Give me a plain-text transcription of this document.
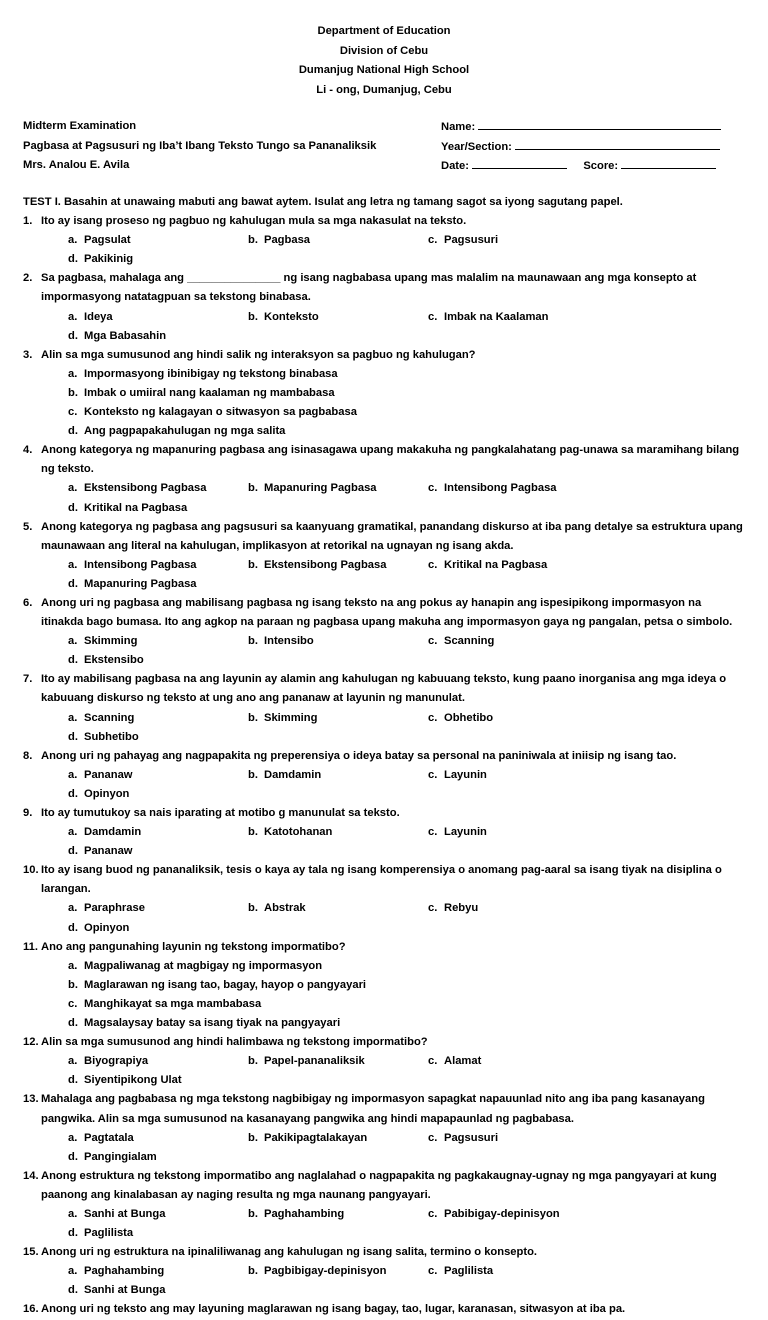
Department of Education
Division of Cebu
Dumanjug National High School
Li - ong, Dumanjug, Cebu
Midterm Examination	Name:
Pagbasa at Pagsusuri ng Iba’t Ibang Teksto Tungo sa Pananaliksik	Year/Section:
Mrs. Analou E. Avila	Date:	Score:
TEST I. Basahin at unawaing mabuti ang bawat aytem. Isulat ang letra ng tamang sagot sa iyong sagutang papel.
1. Ito ay isang proseso ng pagbuo ng kahulugan mula sa mga nakasulat na teksto.
a. Pagsulat	b. Pagbasa	c. Pagsusuri
d. Pakikinig
2. Sa pagbasa, mahalaga ang _______________ ng isang nagbabasa upang mas malalim na maunawaan ang mga konsepto at impormasyong natatagpuan sa tekstong binabasa.
a. Ideya	b. Konteksto	c. Imbak na Kaalaman
d. Mga Babasahin
3. Alin sa mga sumusunod ang hindi salik ng interaksyon sa pagbuo ng kahulugan?
a. Impormasyong ibinibigay ng tekstong binabasa
b. Imbak o umiiral nang kaalaman ng mambabasa
c. Konteksto ng kalagayan o sitwasyon sa pagbabasa
d. Ang pagpapakahulugan ng mga salita
4. Anong kategorya ng mapanuring pagbasa ang isinasagawa upang makakuha ng pangkalahatang pag-unawa sa maramihang bilang ng teksto.
a. Ekstensibong Pagbasa	b. Mapanuring Pagbasa	c. Intensibong Pagbasa
d. Kritikal na Pagbasa
5. Anong kategorya ng pagbasa ang pagsusuri sa kaanyuang gramatikal, panandang diskurso at iba pang detalye sa estruktura upang maunawaan ang literal na kahulugan, implikasyon at retorikal na ugnayan ng isang akda.
a. Intensibong Pagbasa	b. Ekstensibong Pagbasa	c. Kritikal na Pagbasa
d. Mapanuring Pagbasa
6. Anong uri ng pagbasa ang mabilisang pagbasa ng isang teksto na ang pokus ay hanapin ang ispesipikong impormasyon na itinakda bago bumasa. Ito ang agkop na paraan ng pagbasa upang makuha ang impormasyon gaya ng pangalan, petsa o simbolo.
a. Skimming	b. Intensibo	c. Scanning
d. Ekstensibo
7. Ito ay mabilisang pagbasa na ang layunin ay alamin ang kahulugan ng kabuuang teksto, kung paano inorganisa ang mga ideya o kabuuang diskurso ng teksto at ung ano ang pananaw at layunin ng manunulat.
a. Scanning	b. Skimming	c. Obhetibo
d. Subhetibo
8. Anong uri ng pahayag ang nagpapakita ng preperensiya o ideya batay sa personal na paniniwala at iniisip ng isang tao.
a. Pananaw	b. Damdamin	c. Layunin
d. Opinyon
9. Ito ay tumutukoy sa nais iparating at motibo g manunulat sa teksto.
a. Damdamin	b. Katotohanan	c. Layunin
d. Pananaw
10. Ito ay isang buod ng pananaliksik, tesis o kaya ay tala ng isang komperensiya o anomang pag-aaral sa isang tiyak na disiplina o larangan.
a. Paraphrase	b. Abstrak	c. Rebyu
d. Opinyon
11. Ano ang pangunahing layunin ng tekstong impormatibo?
a. Magpaliwanag at magbigay ng impormasyon
b. Maglarawan ng isang tao, bagay, hayop o pangyayari
c. Manghikayat sa mga mambabasa
d. Magsalaysay batay sa isang tiyak na pangyayari
12. Alin sa mga sumusunod ang hindi halimbawa ng tekstong impormatibo?
a. Biyograpiya	b. Papel-pananaliksik	c. Alamat
d. Siyentipikong Ulat
13. Mahalaga ang pagbabasa ng mga tekstong nagbibigay ng impormasyon sapagkat napauunlad nito ang iba pang kasanayang pangwika. Alin sa mga sumusunod na kasanayang pangwika ang hindi mapapaunlad ng pagbabasa.
a. Pagtatala	b. Pakikipagtalakayan	c. Pagsusuri
d. Pangingialam
14. Anong estruktura ng tekstong impormatibo ang naglalahad o nagpapakita ng pagkakaugnay-ugnay ng mga pangyayari at kung paanong ang kinalabasan ay naging resulta ng mga naunang pangyayari.
a. Sanhi at Bunga	b. Paghahambing	c. Pabibigay-depinisyon
d. Paglilista
15. Anong uri ng estruktura na ipinaliliwanag ang kahulugan ng isang salita, termino o konsepto.
a. Paghahambing	b. Pagbibigay-depinisyon	c. Paglilista
d. Sanhi at Bunga
16. Anong uri ng teksto ang may layuning maglarawan ng isang bagay, tao, lugar, karanasan, sitwasyon at iba pa.
